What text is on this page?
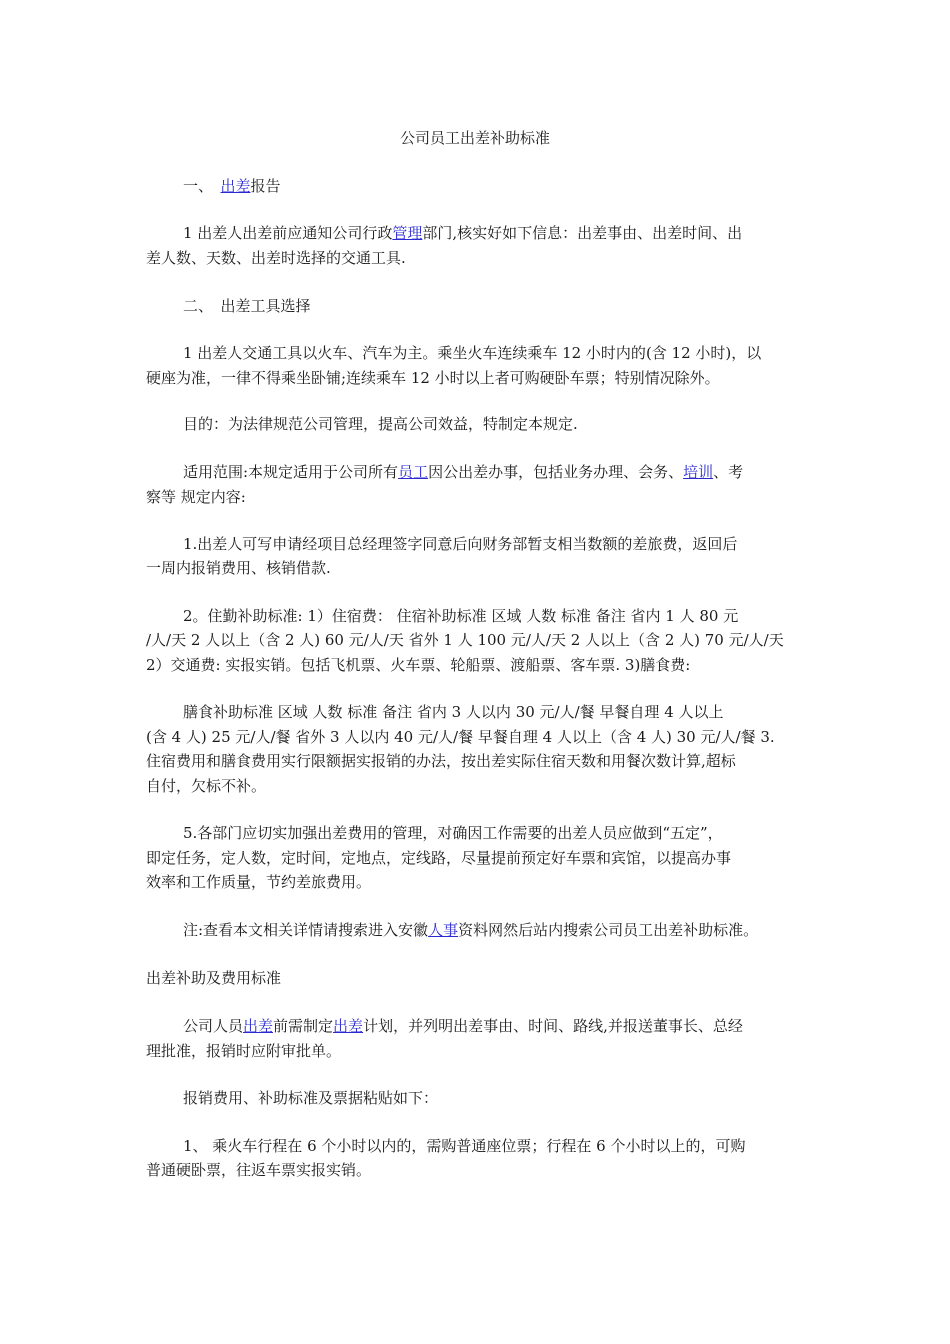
公司员工出差补助标准
一、　出差报告
1 出差人出差前应通知公司行政管理部门,核实好如下信息：出差事由、出差时间、出
差人数、天数、出差时选择的交通工具.
二、　出差工具选择
1 出差人交通工具以火车、汽车为主。乘坐火车连续乘车 12 小时内的(含 12 小时)，以
硬座为准，一律不得乘坐卧铺;连续乘车 12 小时以上者可购硬卧车票；特别情况除外。
目的：为法律规范公司管理，提高公司效益，特制定本规定.
适用范围:本规定适用于公司所有员工因公出差办事，包括业务办理、会务、培训、考
察等 规定内容:
1.出差人可写申请经项目总经理签字同意后向财务部暂支相当数额的差旅费，返回后
一周内报销费用、核销借款.
2。住勤补助标准: 1）住宿费： 住宿补助标准 区域 人数 标准 备注 省内 1 人 80 元
/人/天 2 人以上（含 2 人) 60 元/人/天 省外 1 人 100 元/人/天 2 人以上（含 2 人) 70 元/人/天
2）交通费: 实报实销。包括飞机票、火车票、轮船票、渡船票、客车票. 3)膳食费:
膳食补助标准 区域 人数 标准 备注 省内 3 人以内 30 元/人/餐 早餐自理 4 人以上
(含 4 人) 25 元/人/餐 省外 3 人以内 40 元/人/餐 早餐自理 4 人以上（含 4 人) 30 元/人/餐 3.
住宿费用和膳食费用实行限额据实报销的办法，按出差实际住宿天数和用餐次数计算,超标
自付，欠标不补。
5.各部门应切实加强出差费用的管理，对确因工作需要的出差人员应做到“五定”，
即定任务，定人数，定时间，定地点，定线路，尽量提前预定好车票和宾馆，以提高办事
效率和工作质量，节约差旅费用。
注:查看本文相关详情请搜索进入安徽人事资料网然后站内搜索公司员工出差补助标准。
出差补助及费用标准
公司人员出差前需制定出差计划，并列明出差事由、时间、路线,并报送董事长、总经
理批准，报销时应附审批单。
报销费用、补助标准及票据粘贴如下：
1、 乘火车行程在 6 个小时以内的，需购普通座位票；行程在 6 个小时以上的，可购
普通硬卧票，往返车票实报实销。
